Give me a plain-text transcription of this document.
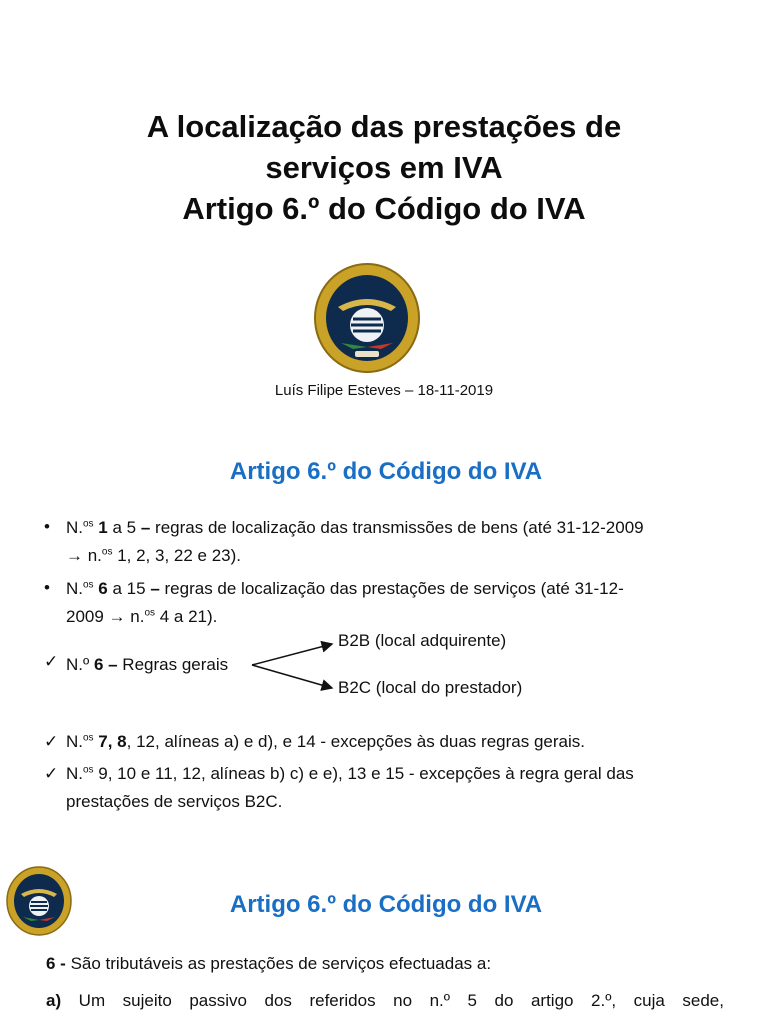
A localização das prestações de
serviços em IVA
Artigo 6.º do Código do IVA
Luís Filipe Esteves – 18-11-2019
Artigo 6.º do Código do IVA
• N.$^{os}$ 1 a 5 – regras de localização das transmissões de bens (até 31-12-2009
→ n.$^{os}$ 1, 2, 3, 22 e 23).
• N.$^{os}$ 6 a 15 – regras de localização das prestações de serviços (até 31-12-
2009 → n.$^{os}$ 4 a 21).
✓ N.º 6 – Regras gerais
B2B (local adquirente)
B2C (local do prestador)
✓ N.$^{os}$ 7, 8, 12, alíneas a) e d), e 14 - excepções às duas regras gerais.
✓ N.$^{os}$ 9, 10 e 11, 12, alíneas b) c) e e), 13 e 15 - excepções à regra geral das
prestações de serviços B2C.
Artigo 6.º do Código do IVA
6 - São tributáveis as prestações de serviços efectuadas a:
a) Um sujeito passivo dos referidos no n.º 5 do artigo 2.º, cuja sede,
